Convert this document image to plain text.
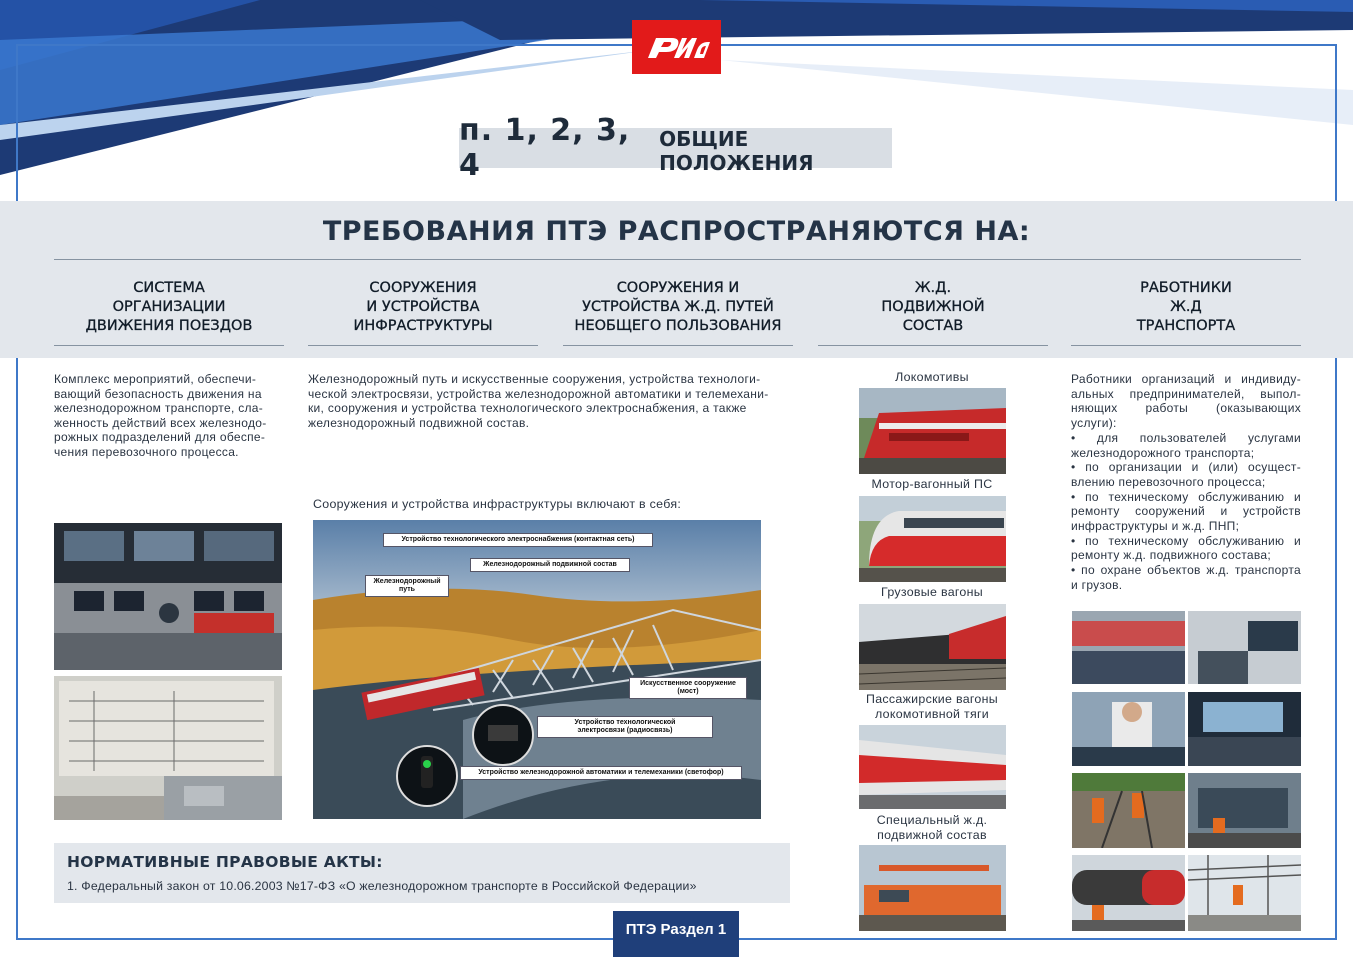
п. 1, 2, 3, 4
ОБЩИЕ ПОЛОЖЕНИЯ
ТРЕБОВАНИЯ ПТЭ РАСПРОСТРАНЯЮТСЯ НА:
СИСТЕМА
ОРГАНИЗАЦИИ
ДВИЖЕНИЯ ПОЕЗДОВ
СООРУЖЕНИЯ
И УСТРОЙСТВА
ИНФРАСТРУКТУРЫ
СООРУЖЕНИЯ И
УСТРОЙСТВА Ж.Д. ПУТЕЙ
НЕОБЩЕГО ПОЛЬЗОВАНИЯ
Ж.Д.
ПОДВИЖНОЙ
СОСТАВ
РАБОТНИКИ
Ж.Д
ТРАНСПОРТА
Комплекс мероприятий, обеспечи-
вающий безопасность движения на
железнодорожном транспорте, сла-
женность действий всех железнодо-
рожных подразделений для обеспе-
чения перевозочного процесса.
Железнодорожный путь и искусственные сооружения, устройства технологи-
ческой электросвязи, устройства железнодорожной автоматики и телемехани-
ки, сооружения и устройства технологического электроснабжения, а также
железнодорожный подвижной состав.
Сооружения и устройства инфраструктуры включают в себя:
Устройство технологического электроснабжения (контактная сеть)
Железнодорожный подвижной состав
Железнодорожный
путь
Искусственное сооружение
(мост)
Устройство технологической
электросвязи (радиосвязь)
Устройство железнодорожной автоматики и телемеханики (светофор)
Локомотивы
Мотор-вагонный ПС
Грузовые вагоны
Пассажирские вагоны
локомотивной тяги
Специальный ж.д.
подвижной состав

Работники организаций и индивиду-альных предпринимателей, выпол-няющих работы (оказывающих услуги):

• для пользователей услугами железнодорожного транспорта;

• по организации и (или) осущест-влению перевозочного процесса;

• по техническому обслуживанию и ремонту сооружений и устройств инфраструктуры и ж.д. ПНП;

• по техническому обслуживанию и ремонту ж.д. подвижного состава;

• по охране объектов ж.д. транспорта и грузов.

НОРМАТИВНЫЕ ПРАВОВЫЕ АКТЫ:

1. Федеральный закон от 10.06.2003 №17-ФЗ «О железнодорожном транспорте в Российской Федерации»

ПТЭ Раздел 1
